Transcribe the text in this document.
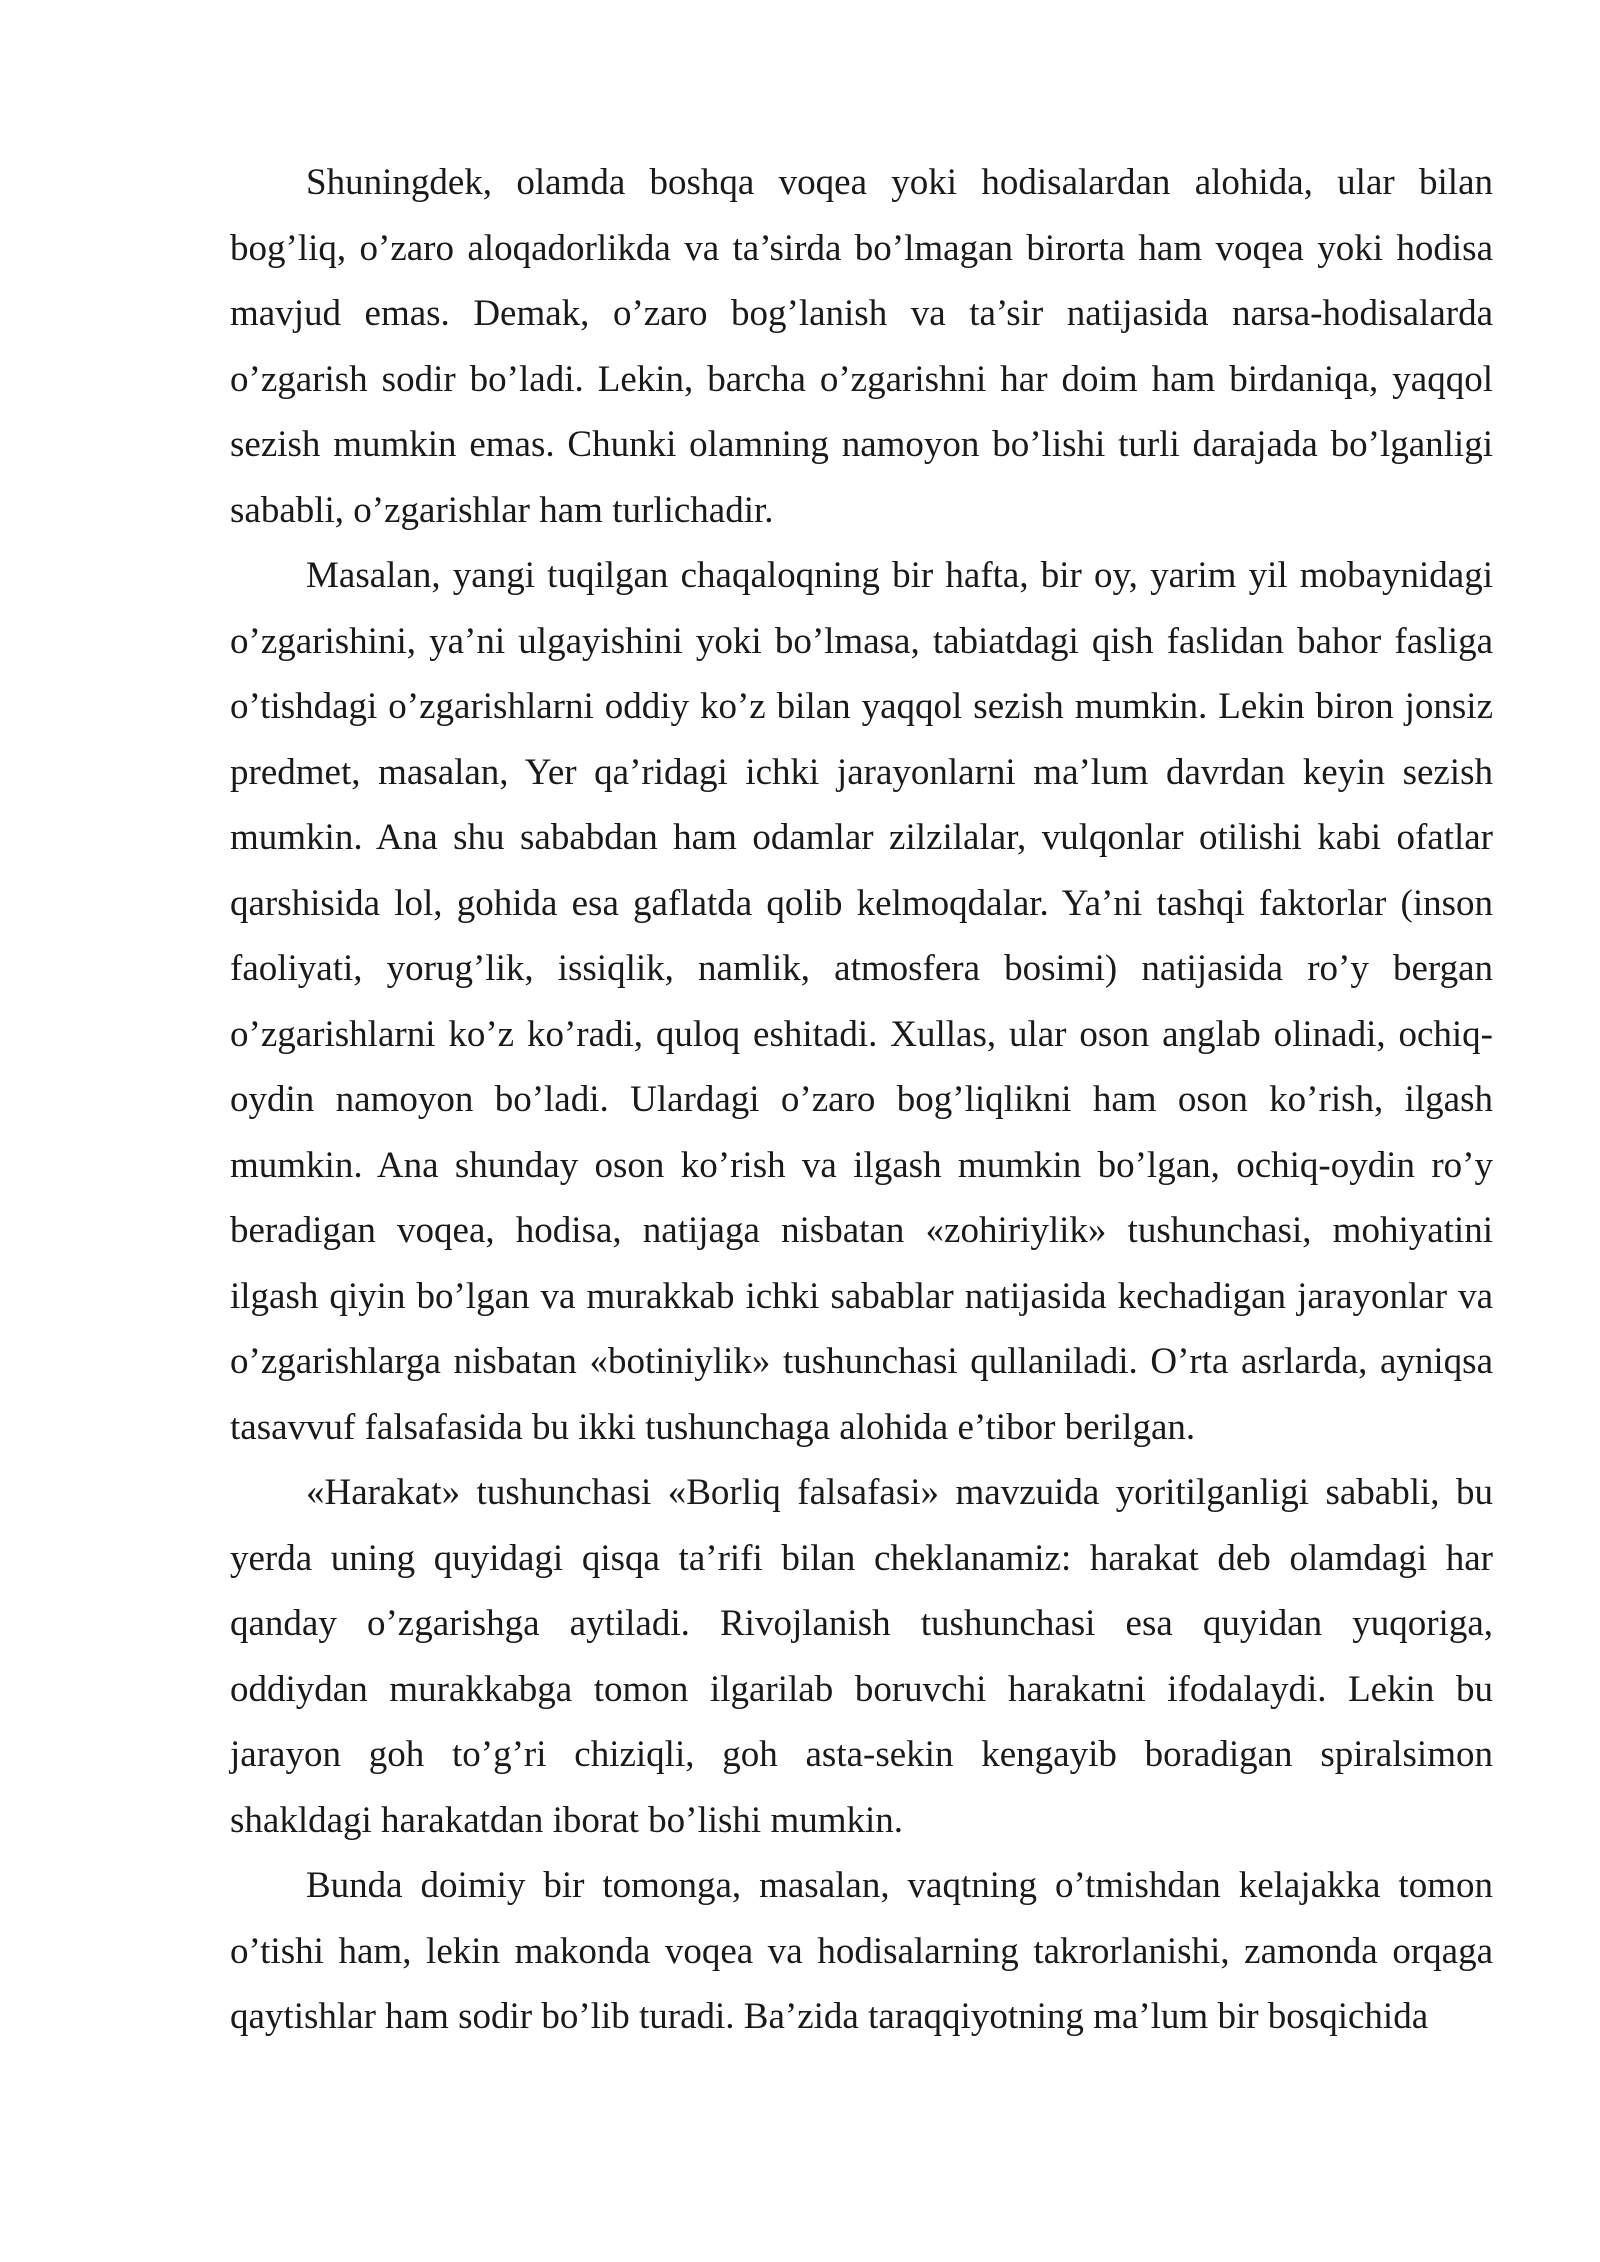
Shuningdek, olamda boshqa voqea yoki hodisalardan alohida, ular bilan bog’liq, o’zaro aloqadorlikda va ta’sirda bo’lmagan birorta ham voqea yoki hodisa mavjud emas. Demak, o’zaro bog’lanish va ta’sir natijasida narsa-hodisalarda o’zgarish sodir bo’ladi. Lekin, barcha o’zgarishni har doim ham birdaniqa, yaqqol sezish mumkin emas. Chunki olamning namoyon bo’lishi turli darajada bo’lganligi sababli, o’zgarishlar ham turlichadir.

Masalan, yangi tuqilgan chaqaloqning bir hafta, bir oy, yarim yil mobaynidagi o’zgarishini, ya’ni ulgayishini yoki bo’lmasa, tabiatdagi qish faslidan bahor fasliga o’tishdagi o’zgarishlarni oddiy ko’z bilan yaqqol sezish mumkin. Lekin biron jonsiz predmet, masalan, Yer qa’ridagi ichki jarayonlarni ma’lum davrdan keyin sezish mumkin. Ana shu sababdan ham odamlar zilzilalar, vulqonlar otilishi kabi ofatlar qarshisida lol, gohida esa gaflatda qolib kelmoqdalar. Ya’ni tashqi faktorlar (inson faoliyati, yorug’lik, issiqlik, namlik, atmosfera bosimi) natijasida ro’y bergan o’zgarishlarni ko’z ko’radi, quloq eshitadi. Xullas, ular oson anglab olinadi, ochiq-oydin namoyon bo’ladi. Ulardagi o’zaro bog’liqlikni ham oson ko’rish, ilgash mumkin. Ana shunday oson ko’rish va ilgash mumkin bo’lgan, ochiq-oydin ro’y beradigan voqea, hodisa, natijaga nisbatan «zohiriylik» tushunchasi, mohiyatini ilgash qiyin bo’lgan va murakkab ichki sabablar natijasida kechadigan jarayonlar va o’zgarishlarga nisbatan «botiniylik» tushunchasi qullaniladi. O’rta asrlarda, ayniqsa tasavvuf falsafasida bu ikki tushunchaga alohida e’tibor berilgan.

«Harakat» tushunchasi «Borliq falsafasi» mavzuida yoritilganligi sababli, bu yerda uning quyidagi qisqa ta’rifi bilan cheklanamiz: harakat deb olamdagi har qanday o’zgarishga aytiladi. Rivojlanish tushunchasi esa quyidan yuqoriga, oddiydan murakkabga tomon ilgarilab boruvchi harakatni ifodalaydi. Lekin bu jarayon goh to’g’ri chiziqli, goh asta-sekin kengayib boradigan spiralsimon shakldagi harakatdan iborat bo’lishi mumkin.

Bunda doimiy bir tomonga, masalan, vaqtning o’tmishdan kelajakka tomon o’tishi ham, lekin makonda voqea va hodisalarning takrorlanishi, zamonda orqaga qaytishlar ham sodir bo’lib turadi. Ba’zida taraqqiyotning ma’lum bir bosqichida
